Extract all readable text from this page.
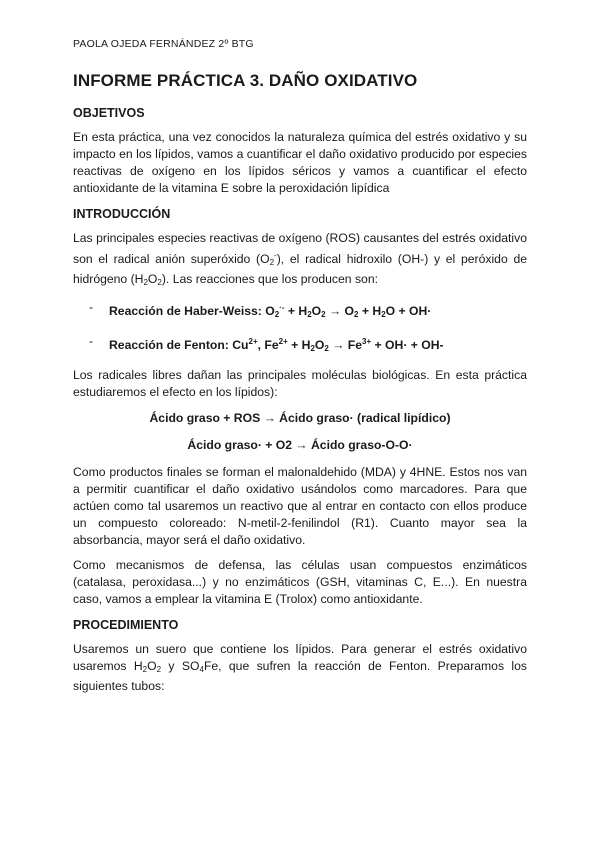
PAOLA OJEDA FERNÁNDEZ 2º BTG
INFORME PRÁCTICA 3. DAÑO OXIDATIVO
OBJETIVOS

En esta práctica, una vez conocidos la naturaleza química del estrés oxidativo y su impacto en los lípidos, vamos a cuantificar el daño oxidativo producido por especies reactivas de oxígeno en los lípidos séricos y vamos a cuantificar el efecto antioxidante de la vitamina E sobre la peroxidación lipídica

INTRODUCCIÓN

Las principales especies reactivas de oxígeno (ROS) causantes del estrés oxidativo son el radical anión superóxido $(O_2^-)$, el radical hidroxilo (OH-) y el peróxido de hidrógeno $(H_2O_2)$. Las reacciones que los producen son:

- Reacción de Haber-Weiss: $O_2^{\cdot-} + H_2O_2 \to O_2 + H_2O + OH\cdot$
- Reacción de Fenton: $Cu^{2+}$, $Fe^{2+} + H_2O_2 \to Fe^{3+} + OH\cdot + OH-$

Los radicales libres dañan las principales moléculas biológicas. En esta práctica estudiaremos el efecto en los lípidos):

Ácido graso + ROS → Ácido graso· (radical lipídico)
Ácido graso· + O2 → Ácido graso-O-O·

Como productos finales se forman el malonaldehido (MDA) y 4HNE. Estos nos van a permitir cuantificar el daño oxidativo usándolos como marcadores. Para que actúen como tal usaremos un reactivo que al entrar en contacto con ellos produce un compuesto coloreado: N-metil-2-fenilindol (R1). Cuanto mayor sea la absorbancia, mayor será el daño oxidativo.

Como mecanismos de defensa, las células usan compuestos enzimáticos (catalasa, peroxidasa...) y no enzimáticos (GSH, vitaminas C, E...). En nuestra caso, vamos a emplear la vitamina E (Trolox) como antioxidante.

PROCEDIMIENTO

Usaremos un suero que contiene los lípidos. Para generar el estrés oxidativo usaremos $H_2O_2$ y $SO_4Fe$, que sufren la reacción de Fenton. Preparamos los siguientes tubos:
